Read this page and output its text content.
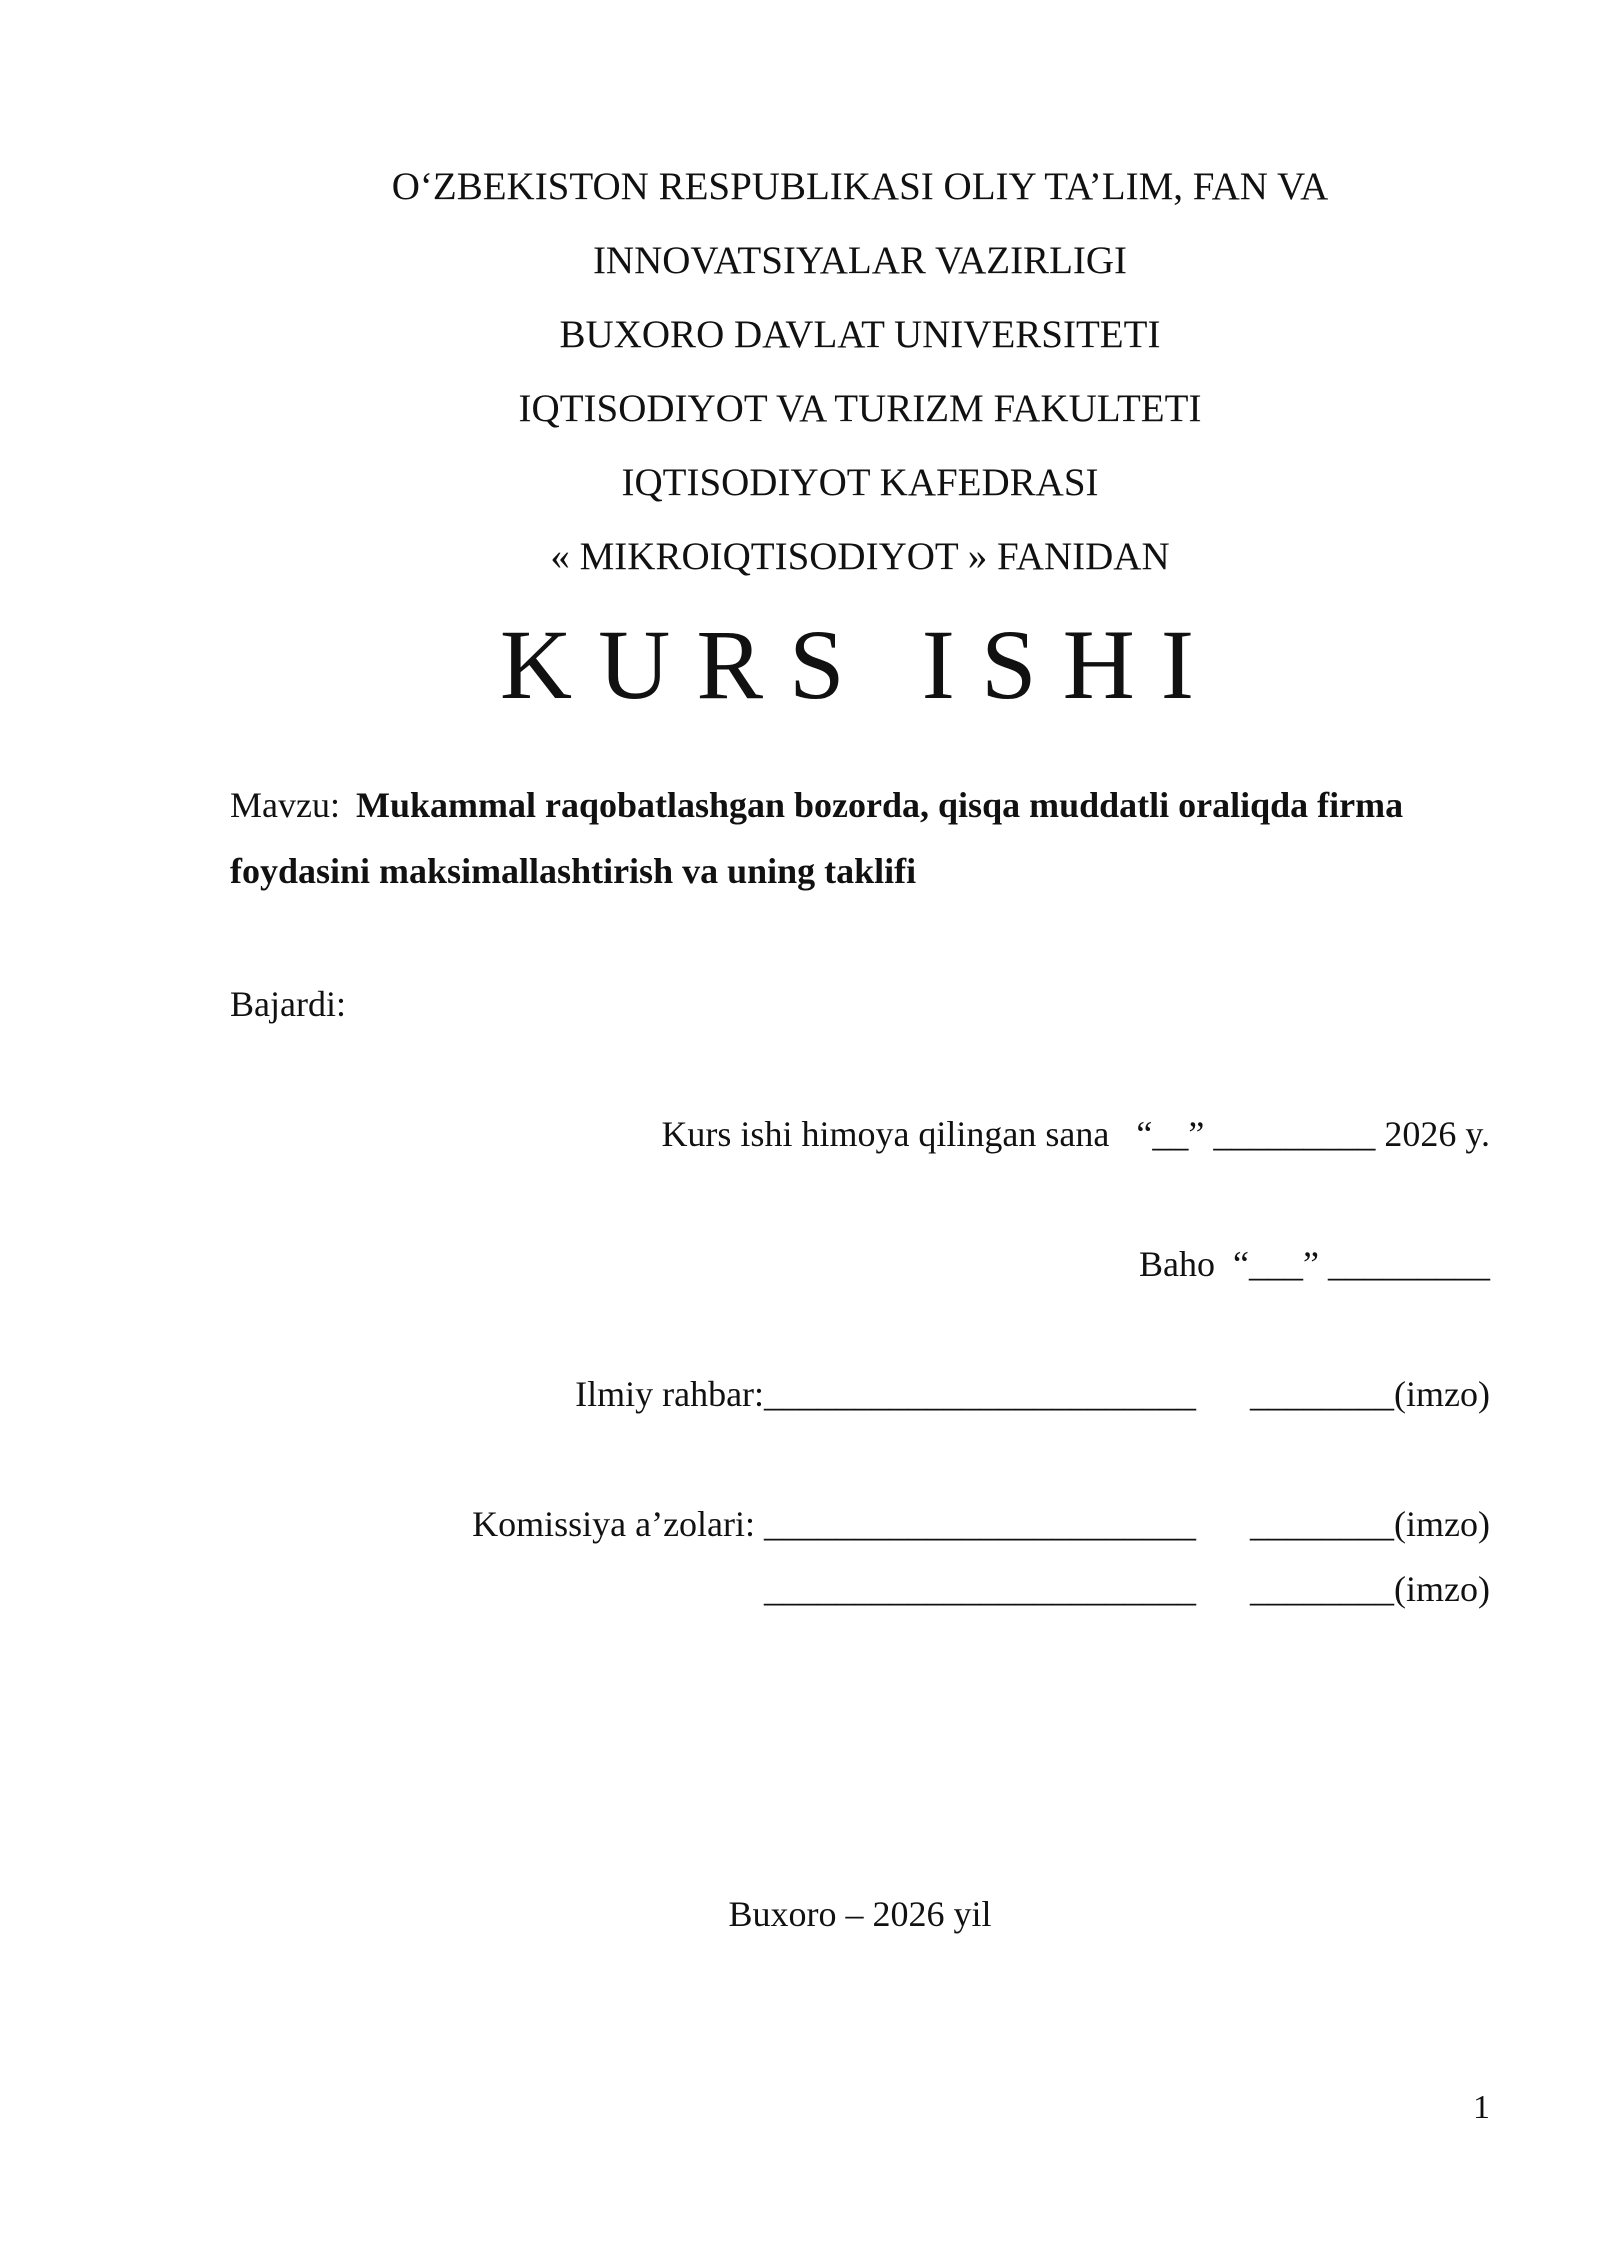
O‘ZBEKISTON RESPUBLIKASI OLIY TA’LIM, FAN VA
INNOVATSIYALAR VAZIRLIGI
BUXORO DAVLAT UNIVERSITETI
IQTISODIYOT VA TURIZM FAKULTETI
IQTISODIYOT KAFEDRASI
« MIKROIQTISODIYOT » FANIDAN
KURS ISHI
Mavzu: Mukammal raqobatlashgan bozorda, qisqa muddatli oraliqda firma foydasini maksimallashtirish va uning taklifi
Bajardi:
Kurs ishi himoya qilingan sana   “__” _________ 2026 y.
Baho  “___” _________
Ilmiy rahbar:________________________      ________(imzo)
Komissiya a’zolari: ________________________      ________(imzo)
________________________      ________(imzo)
Buxoro – 2026 yil
1
